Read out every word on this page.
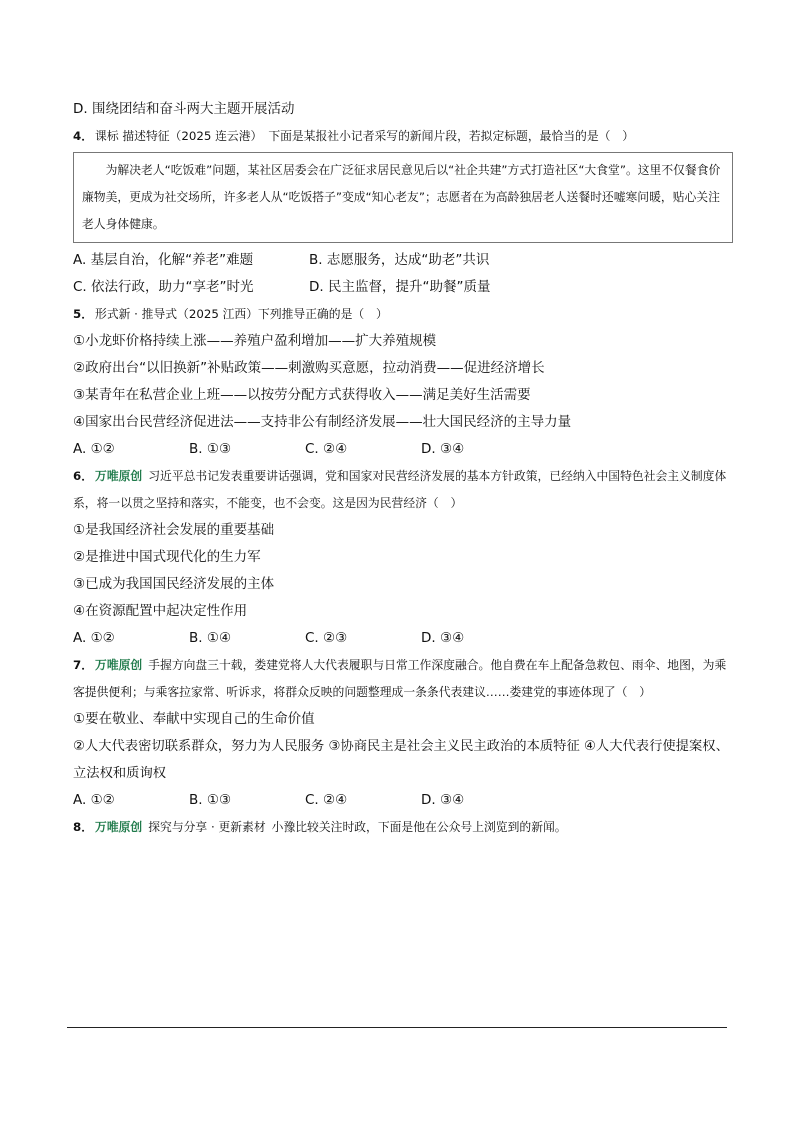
D. 围绕团结和奋斗两大主题开展活动
4． 课标 描述特征（2025 连云港） 下面是某报社小记者采写的新闻片段，若拟定标题，最恰当的是（　）
为解决老人“吃饭难”问题，某社区居委会在广泛征求居民意见后以“社企共建”方式打造社区“大食堂”。这里不仅餐食价廉物美，更成为社交场所，许多老人从“吃饭搭子”变成“知心老友”；志愿者在为高龄独居老人送餐时还嘘寒问暖，贴心关注老人身体健康。
A. 基层自治，化解“养老”难题	B. 志愿服务，达成“助老”共识
C. 依法行政，助力“享老”时光	D. 民主监督，提升“助餐”质量
5． 形式新 · 推导式（2025 江西）下列推导正确的是（　）
①小龙虾价格持续上涨——养殖户盈利增加——扩大养殖规模
②政府出台“以旧换新”补贴政策——刺激购买意愿，拉动消费——促进经济增长
③某青年在私营企业上班——以按劳分配方式获得收入——满足美好生活需要
④国家出台民营经济促进法——支持非公有制经济发展——壮大国民经济的主导力量
A. ①②	B. ①③	C. ②④	D. ③④
6． 万唯原创 习近平总书记发表重要讲话强调，党和国家对民营经济发展的基本方针政策，已经纳入中国特色社会主义制度体系，将一以贯之坚持和落实，不能变，也不会变。这是因为民营经济（　）
①是我国经济社会发展的重要基础
②是推进中国式现代化的生力军
③已成为我国国民经济发展的主体
④在资源配置中起决定性作用
A. ①②	B. ①④	C. ②③	D. ③④
7． 万唯原创 手握方向盘三十载，娄建党将人大代表履职与日常工作深度融合。他自费在车上配备急救包、雨伞、地图，为乘客提供便利；与乘客拉家常、听诉求，将群众反映的问题整理成一条条代表建议……娄建党的事迹体现了（　）
①要在敬业、奉献中实现自己的生命价值
②人大代表密切联系群众，努力为人民服务 ③协商民主是社会主义民主政治的本质特征 ④人大代表行使提案权、立法权和质询权
A. ①②	B. ①③	C. ②④	D. ③④
8． 万唯原创 探究与分享 · 更新素材 小豫比较关注时政，下面是他在公众号上浏览到的新闻。
